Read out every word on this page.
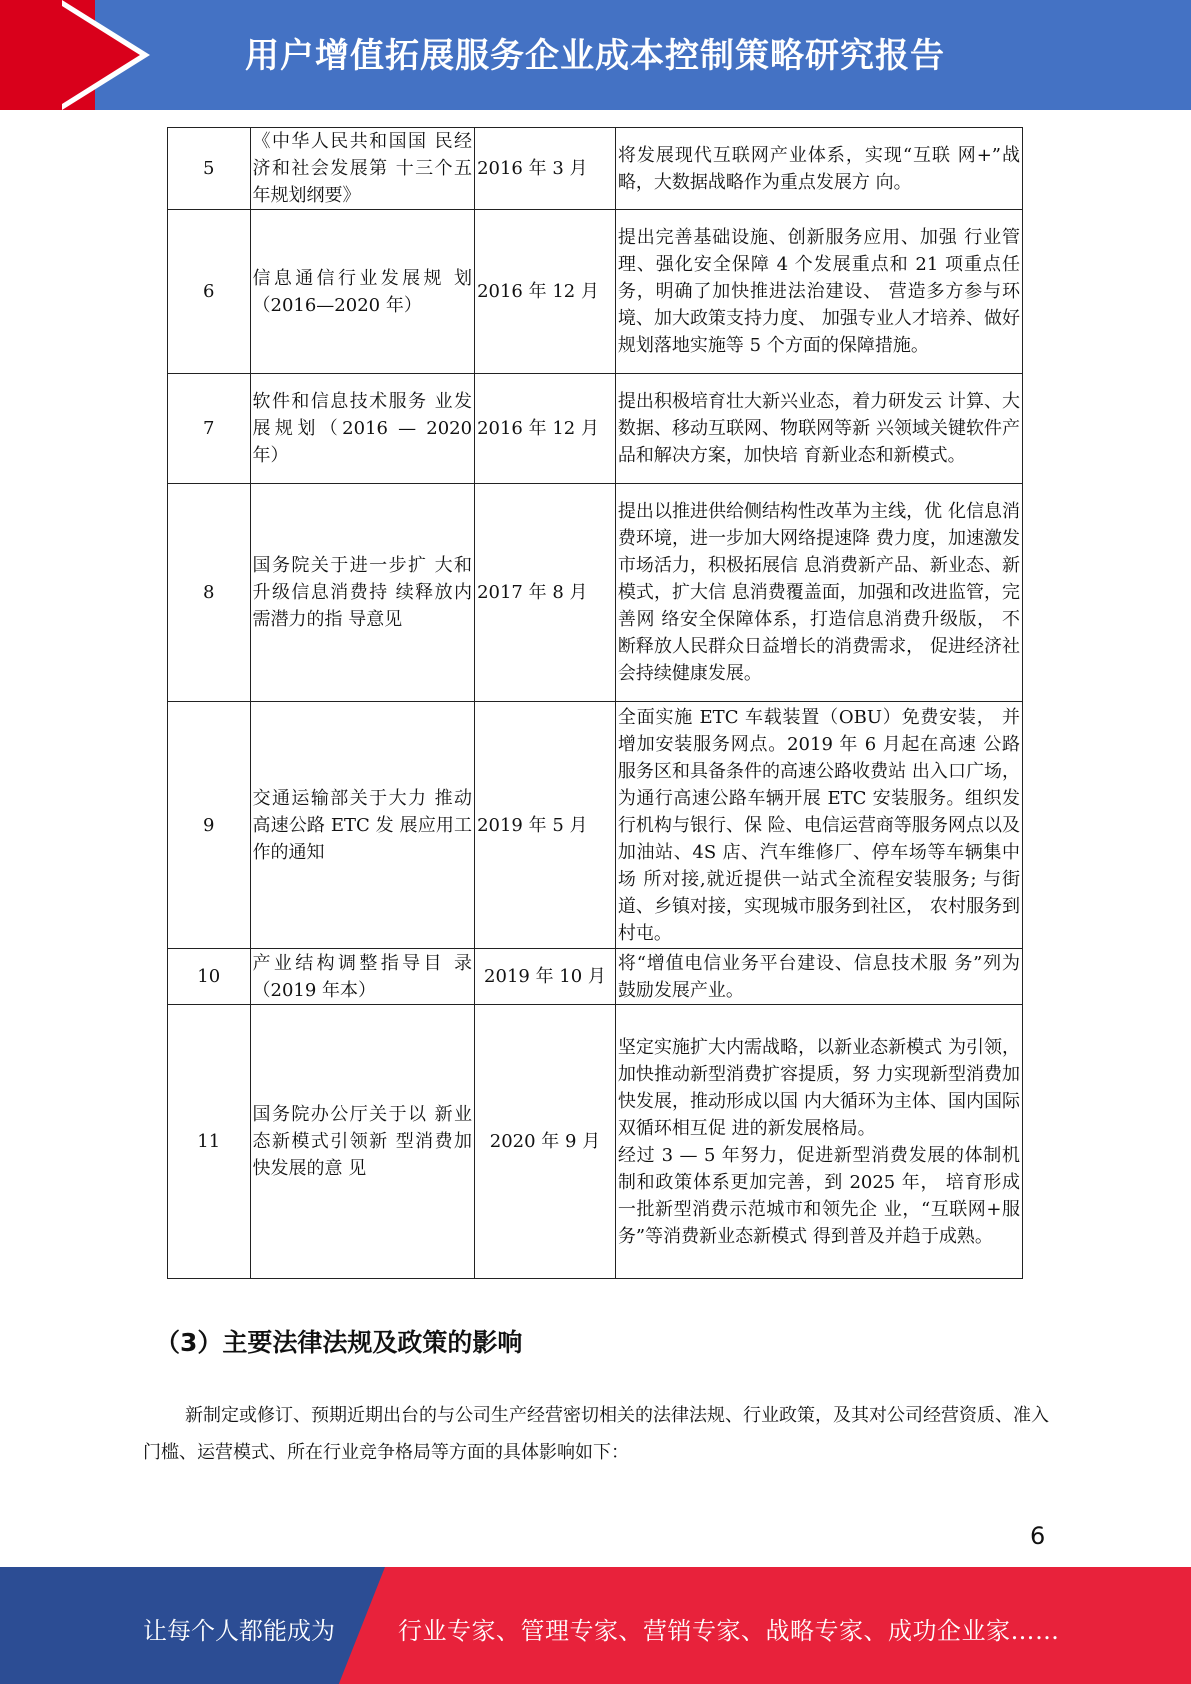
用户增值拓展服务企业成本控制策略研究报告
5	《中华人民共和国国 民经济和社会发展第 十三个五年规划纲要》	2016 年 3 月	将发展现代互联网产业体系，实现“互联 网+”战略，大数据战略作为重点发展方 向。

6	信息通信行业发展规 划（2016—2020 年）	2016 年 12 月	提出完善基础设施、创新服务应用、加强 行业管理、强化安全保障 4 个发展重点和 21 项重点任务，明确了加快推进法治建设、 营造多方参与环境、加大政策支持力度、 加强专业人才培养、做好规划落地实施等 5 个方面的保障措施。

7	软件和信息技术服务 业发展规划（2016 — 2020 年）	2016 年 12 月	提出积极培育壮大新兴业态，着力研发云 计算、大数据、移动互联网、物联网等新 兴领域关键软件产品和解决方案，加快培 育新业态和新模式。

8	国务院关于进一步扩 大和升级信息消费持 续释放内需潜力的指 导意见	2017 年 8 月	提出以推进供给侧结构性改革为主线，优 化信息消费环境，进一步加大网络提速降 费力度，加速激发市场活力，积极拓展信 息消费新产品、新业态、新模式，扩大信 息消费覆盖面，加强和改进监管，完善网 络安全保障体系，打造信息消费升级版， 不断释放人民群众日益增长的消费需求， 促进经济社会持续健康发展。

9	交通运输部关于大力 推动高速公路 ETC 发 展应用工作的通知	2019 年 5 月	全面实施 ETC 车载装置（OBU）免费安装， 并增加安装服务网点。2019 年 6 月起在高速 公路服务区和具备条件的高速公路收费站 出入口广场，为通行高速公路车辆开展 ETC 安装服务。组织发行机构与银行、保 险、电信运营商等服务网点以及加油站、4S 店、汽车维修厂、停车场等车辆集中场 所对接,就近提供一站式全流程安装服务; 与街道、乡镇对接，实现城市服务到社区， 农村服务到村屯。

10	产业结构调整指导目 录（2019 年本）	2019 年 10 月	将“增值电信业务平台建设、信息技术服 务”列为鼓励发展产业。

11	国务院办公厅关于以 新业态新模式引领新 型消费加快发展的意 见	2020 年 9 月	坚定实施扩大内需战略，以新业态新模式 为引领，加快推动新型消费扩容提质，努 力实现新型消费加快发展，推动形成以国 内大循环为主体、国内国际双循环相互促 进的新发展格局。
经过 3 — 5 年努力，促进新型消费发展的体制机制和政策体系更加完善，到 2025 年， 培育形成一批新型消费示范城市和领先企 业，“互联网+服务”等消费新业态新模式 得到普及并趋于成熟。
（3）主要法律法规及政策的影响
新制定或修订、预期近期出台的与公司生产经营密切相关的法律法规、行业政策，及其对公司经营资质、准入门槛、运营模式、所在行业竞争格局等方面的具体影响如下：
6
让每个人都能成为	行业专家、管理专家、营销专家、战略专家、成功企业家……
